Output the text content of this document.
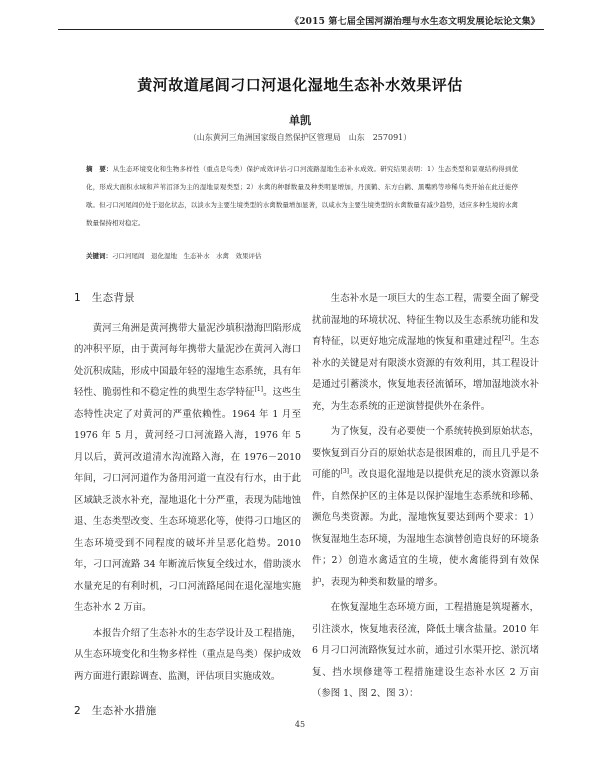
《2015 第七届全国河湖治理与水生态文明发展论坛论文集》
黄河故道尾闾刁口河退化湿地生态补水效果评估
单凯
（山东黄河三角洲国家级自然保护区管理局　山东　257091）
摘　要：从生态环境变化和生物多样性（重点是鸟类）保护成效评估刁口河流路湿地生态补水成效。研究结果表明：1）生态类型和景观结构得到优化，形成大面积水域和芦苇沼泽为主的湿地景观类型；2）水禽的种群数量及种类明显增加，丹顶鹤、东方白鹳、黑嘴鸥等珍稀鸟类开始在此迁徙停歇。但刁口河尾闾仍处于退化状态，以淡水为主要生境类型的水禽数量增加显著，以咸水为主要生境类型的水禽数量有减少趋势，适应多种生境的水禽数量保持相对稳定。
关键词：刁口河尾闾　退化湿地　生态补水　水禽　效果评估
1　生态背景

黄河三角洲是黄河携带大量泥沙填积渤海凹陷形成的冲积平原，由于黄河每年携带大量泥沙在黄河入海口处沉积成陆，形成中国最年轻的湿地生态系统，具有年轻性、脆弱性和不稳定性的典型生态学特征[1]。这些生态特性决定了对黄河的严重依赖性。1964 年 1 月至 1976 年 5 月，黄河经刁口河流路入海，1976 年 5 月以后，黄河改道清水沟流路入海，在 1976－2010 年间，刁口河河道作为备用河道一直没有行水，由于此区域缺乏淡水补充，湿地退化十分严重，表现为陆地蚀退、生态类型改变、生态环境恶化等，使得刁口地区的生态环境受到不同程度的破坏并呈恶化趋势。2010 年，刁口河流路 34 年断流后恢复全线过水，借助淡水水量充足的有利时机，刁口河流路尾闾在退化湿地实施生态补水 2 万亩。

本报告介绍了生态补水的生态学设计及工程措施，从生态环境变化和生物多样性（重点是鸟类）保护成效两方面进行跟踪调查、监测，评估项目实施成效。

2　生态补水措施

生态补水是一项巨大的生态工程，需要全面了解受扰前湿地的环境状况、特征生物以及生态系统功能和发育特征，以更好地完成湿地的恢复和重建过程[2]。生态补水的关键是对有限淡水资源的有效利用，其工程设计是通过引蓄淡水，恢复地表径流循环，增加湿地淡水补充，为生态系统的正逆演替提供外在条件。

为了恢复，没有必要使一个系统转换到原始状态，要恢复到百分百的原始状态是很困难的，而且几乎是不可能的[3]。改良退化湿地是以提供充足的淡水资源以条件，自然保护区的主体是以保护湿地生态系统和珍稀、濒危鸟类资源。为此，湿地恢复要达到两个要求：1）恢复湿地生态环境，为湿地生态演替创造良好的环境条件；2）创造水禽适宜的生境，使水禽能得到有效保护，表现为种类和数量的增多。

在恢复湿地生态环境方面，工程措施是筑堤蓄水，引注淡水，恢复地表径流，降低土壤含盐量。2010 年 6 月刁口河流路恢复过水前，通过引水渠开挖、淤沉堵复、挡水坝修建等工程措施建设生态补水区 2 万亩（参图 1、图 2、图 3）：

45
